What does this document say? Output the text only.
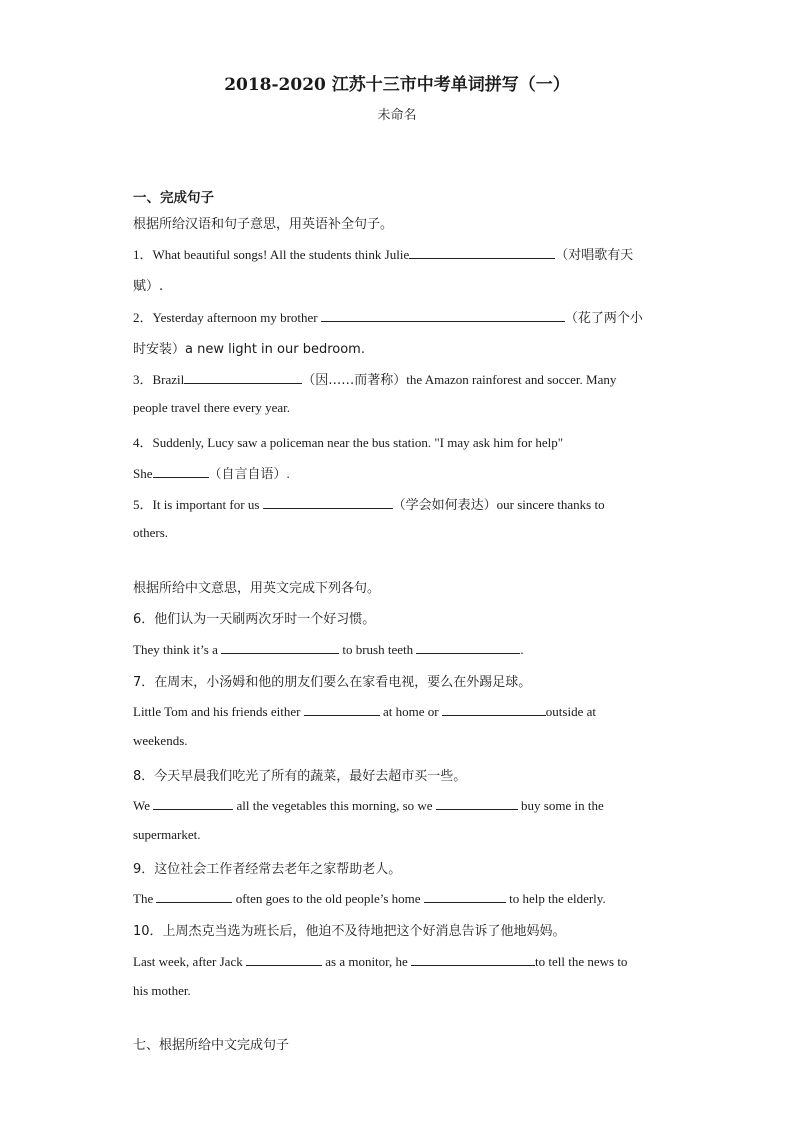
2018-2020 江苏十三市中考单词拼写（一）
未命名
一、完成句子
根据所给汉语和句子意思，用英语补全句子。
1．What beautiful songs! All the students think Julie	（对唱歌有天
赋）.
2．Yesterday afternoon my brother	（花了两个小
时安装）a new light in our bedroom.
3．Brazil	（因……而著称）the Amazon rainforest and soccer. Many
people travel there every year.
4．Suddenly, Lucy saw a policeman near the bus station. "I may ask him for help"
She	（自言自语）.
5．It is important for us	（学会如何表达）our sincere thanks to
others.
根据所给中文意思，用英文完成下列各句。
6．他们认为一天刷两次牙时一个好习惯。
They think it’s a	to brush teeth	.
7．在周末，小汤姆和他的朋友们要么在家看电视，要么在外踢足球。
Little Tom and his friends either	at home or	outside at
weekends.
8．今天早晨我们吃光了所有的蔬菜，最好去超市买一些。
We	all the vegetables this morning, so we	buy some in the
supermarket.
9．这位社会工作者经常去老年之家帮助老人。
The	often goes to the old people’s home	to help the elderly.
10．上周杰克当选为班长后，他迫不及待地把这个好消息告诉了他地妈妈。
Last week, after Jack	as a monitor, he	to tell the news to
his mother.
七、根据所给中文完成句子
